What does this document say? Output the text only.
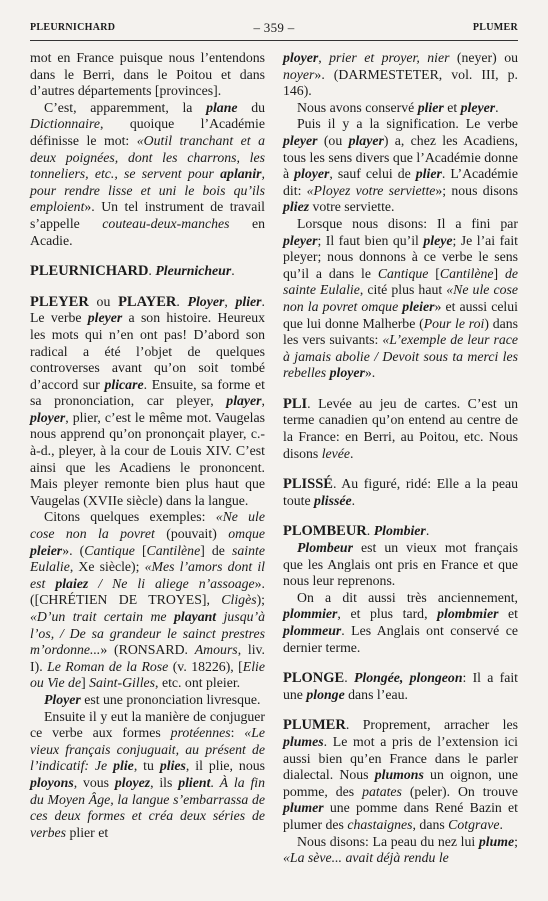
PLEURNICHARD	– 359 –	PLUMER

mot en France puisque nous l’entendons dans le Berri, dans le Poitou et dans d’autres départements [provinces].

C’est, apparemment, la plane du Dictionnaire, quoique l’Académie définisse le mot: «Outil tranchant et a deux poignées, dont les charrons, les tonneliers, etc., se servent pour aplanir, pour rendre lisse et uni le bois qu’ils emploient». Un tel instrument de travail s’appelle couteau-deux-manches en Acadie.

PLEURNICHARD. Pleurnicheur.

PLEYER ou PLAYER. Ployer, plier. Le verbe pleyer a son histoire. Heureux les mots qui n’en ont pas! D’abord son radical a été l’objet de quelques controverses avant qu’on soit tombé d’accord sur plicare. Ensuite, sa forme et sa prononciation, car pleyer, player, ployer, plier, c’est le même mot. Vaugelas nous apprend qu’on prononçait player, c.-à-d., pleyer, à la cour de Louis XIV. C’est ainsi que les Acadiens le prononcent. Mais pleyer remonte bien plus haut que Vaugelas (XVIIe siècle) dans la langue.

Citons quelques exemples: «Ne ule cose non la povret (pouvait) omque pleier». (Cantique [Cantilène] de sainte Eulalie, Xe siècle); «Mes l’amors dont il est plaiez / Ne li aliege n’assoage». ([CHRÉTIEN DE TROYES], Cligès); «D’un trait certain me playant jusqu’à l’os, / De sa grandeur le sainct prestres m’ordonne...» (RONSARD. Amours, liv. I). Le Roman de la Rose (v. 18226), [Elie ou Vie de] Saint-Gilles, etc. ont pleier.

Ployer est une prononciation livresque.

Ensuite il y eut la manière de conjuguer ce verbe aux formes protéennes: «Le vieux français conjuguait, au présent de l’indicatif: Je plie, tu plies, il plie, nous ployons, vous ployez, ils plient. À la fin du Moyen Âge, la langue s’embarrassa de ces deux formes et créa deux séries de verbes plier et

ployer, prier et proyer, nier (neyer) ou noyer». (DARMESTETER, vol. III, p. 146).

Nous avons conservé plier et pleyer.

Puis il y a la signification. Le verbe pleyer (ou player) a, chez les Acadiens, tous les sens divers que l’Académie donne à ployer, sauf celui de plier. L’Académie dit: «Ployez votre serviette»; nous disons pliez votre serviette.

Lorsque nous disons: Il a fini par pleyer; Il faut bien qu’il pleye; Je l’ai fait pleyer; nous donnons à ce verbe le sens qu’il a dans le Cantique [Cantilène] de sainte Eulalie, cité plus haut «Ne ule cose non la povret omque pleier» et aussi celui que lui donne Malherbe (Pour le roi) dans les vers suivants: «L’exemple de leur race à jamais abolie / Devoit sous ta merci les rebelles ployer».

PLI. Levée au jeu de cartes. C’est un terme canadien qu’on entend au centre de la France: en Berri, au Poitou, etc. Nous disons levée.

PLISSÉ. Au figuré, ridé: Elle a la peau toute plissée.

PLOMBEUR. Plombier.

Plombeur est un vieux mot français que les Anglais ont pris en France et que nous leur reprenons.

On a dit aussi très anciennement, plommier, et plus tard, plombmier et plommeur. Les Anglais ont conservé ce dernier terme.

PLONGE. Plongée, plongeon: Il a fait une plonge dans l’eau.

PLUMER. Proprement, arracher les plumes. Le mot a pris de l’extension ici aussi bien qu’en France dans le parler dialectal. Nous plumons un oignon, une pomme, des patates (peler). On trouve plumer une pomme dans René Bazin et plumer des chastaignes, dans Cotgrave.

Nous disons: La peau du nez lui plume; «La sève... avait déjà rendu le
